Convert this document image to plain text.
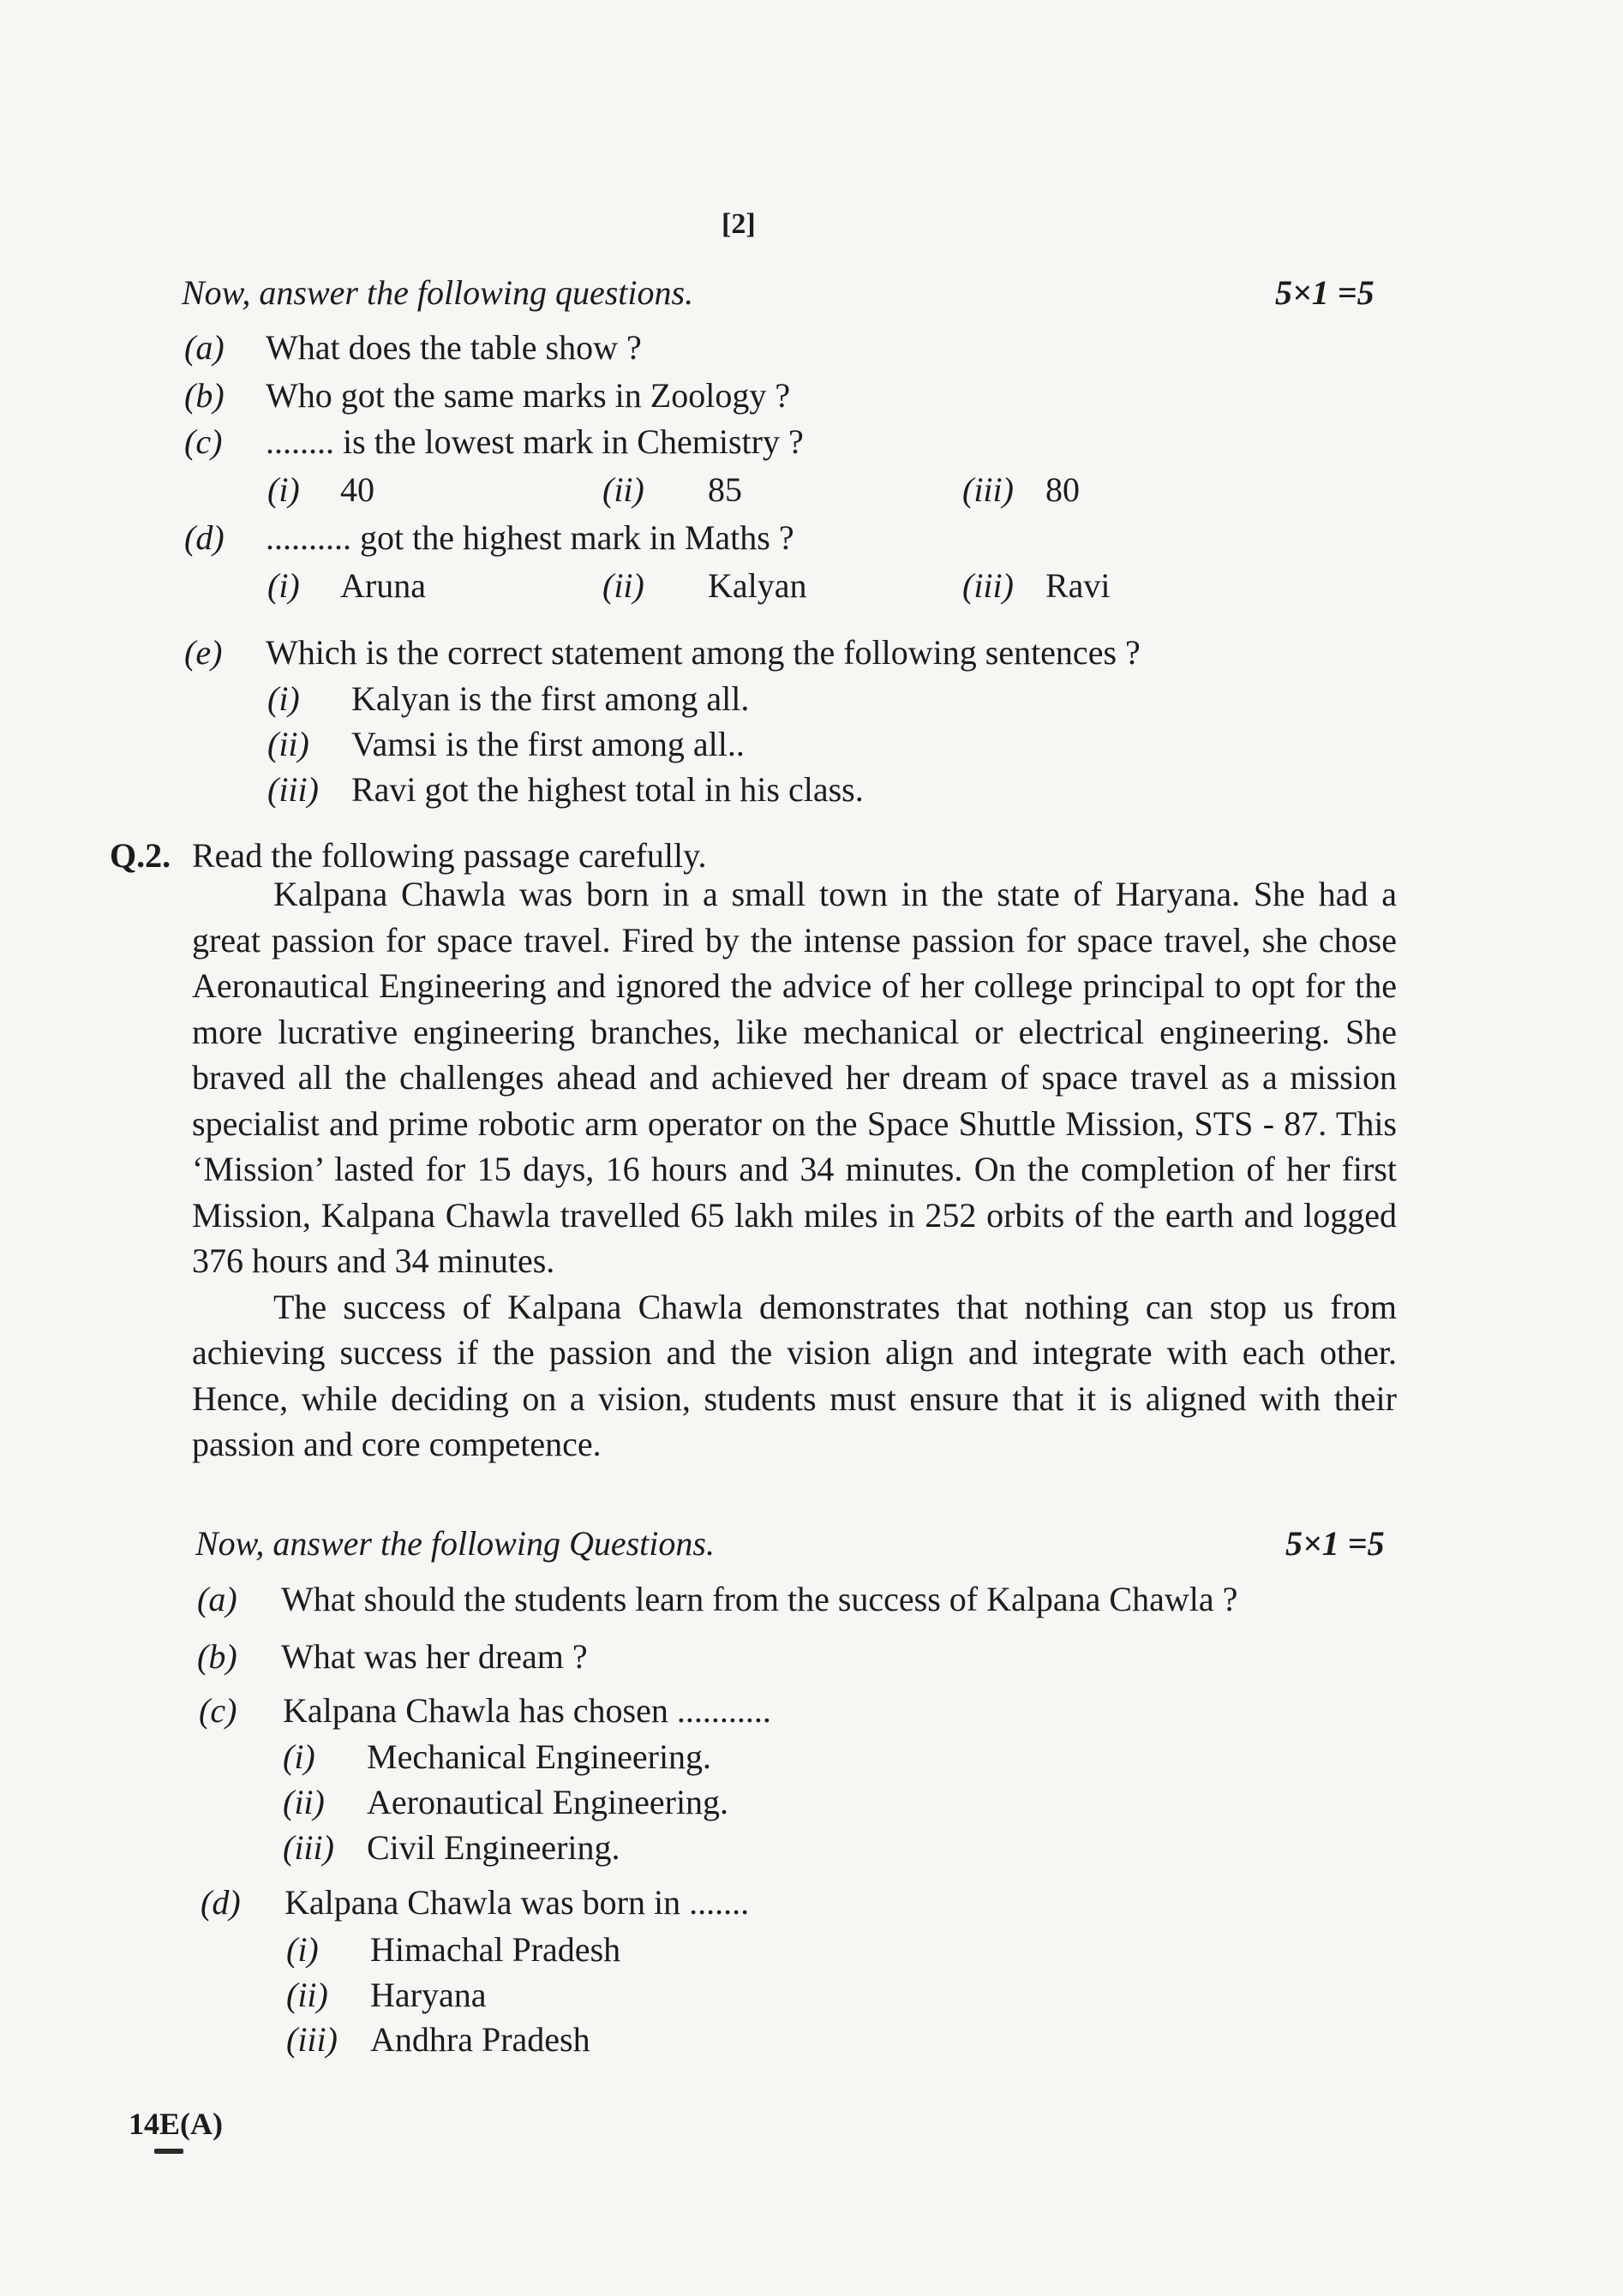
[2]
Now, answer the following questions.	5×1 =5
(a) What does the table show ?
(b) Who got the same marks in Zoology ?
(c) ........ is the lowest mark in Chemistry ?
(i) 40	(ii) 85	(iii) 80
(d) .......... got the highest mark in Maths ?
(i) Aruna	(ii) Kalyan	(iii) Ravi
(e) Which is the correct statement among the following sentences ?
(i) Kalyan is the first among all.
(ii) Vamsi is the first among all..
(iii) Ravi got the highest total in his class.
Q.2. Read the following passage carefully.

Kalpana Chawla was born in a small town in the state of Haryana. She had a great passion for space travel. Fired by the intense passion for space travel, she chose Aeronautical Engineering and ignored the advice of her college principal to opt for the more lucrative engineering branches, like mechanical or electrical engineering. She braved all the challenges ahead and achieved her dream of space travel as a mission specialist and prime robotic arm operator on the Space Shuttle Mission, STS - 87. This ‘Mission’ lasted for 15 days, 16 hours and 34 minutes. On the completion of her first Mission, Kalpana Chawla travelled 65 lakh miles in 252 orbits of the earth and logged 376 hours and 34 minutes.

The success of Kalpana Chawla demonstrates that nothing can stop us from achieving success if the passion and the vision align and integrate with each other. Hence, while deciding on a vision, students must ensure that it is aligned with their passion and core competence.

Now, answer the following Questions.	5×1 =5
(a) What should the students learn from the success of Kalpana Chawla ?
(b) What was her dream ?
(c) Kalpana Chawla has chosen ...........
(i) Mechanical Engineering.
(ii) Aeronautical Engineering.
(iii) Civil Engineering.
(d) Kalpana Chawla was born in .......
(i) Himachal Pradesh
(ii) Haryana
(iii) Andhra Pradesh
14E(A)
